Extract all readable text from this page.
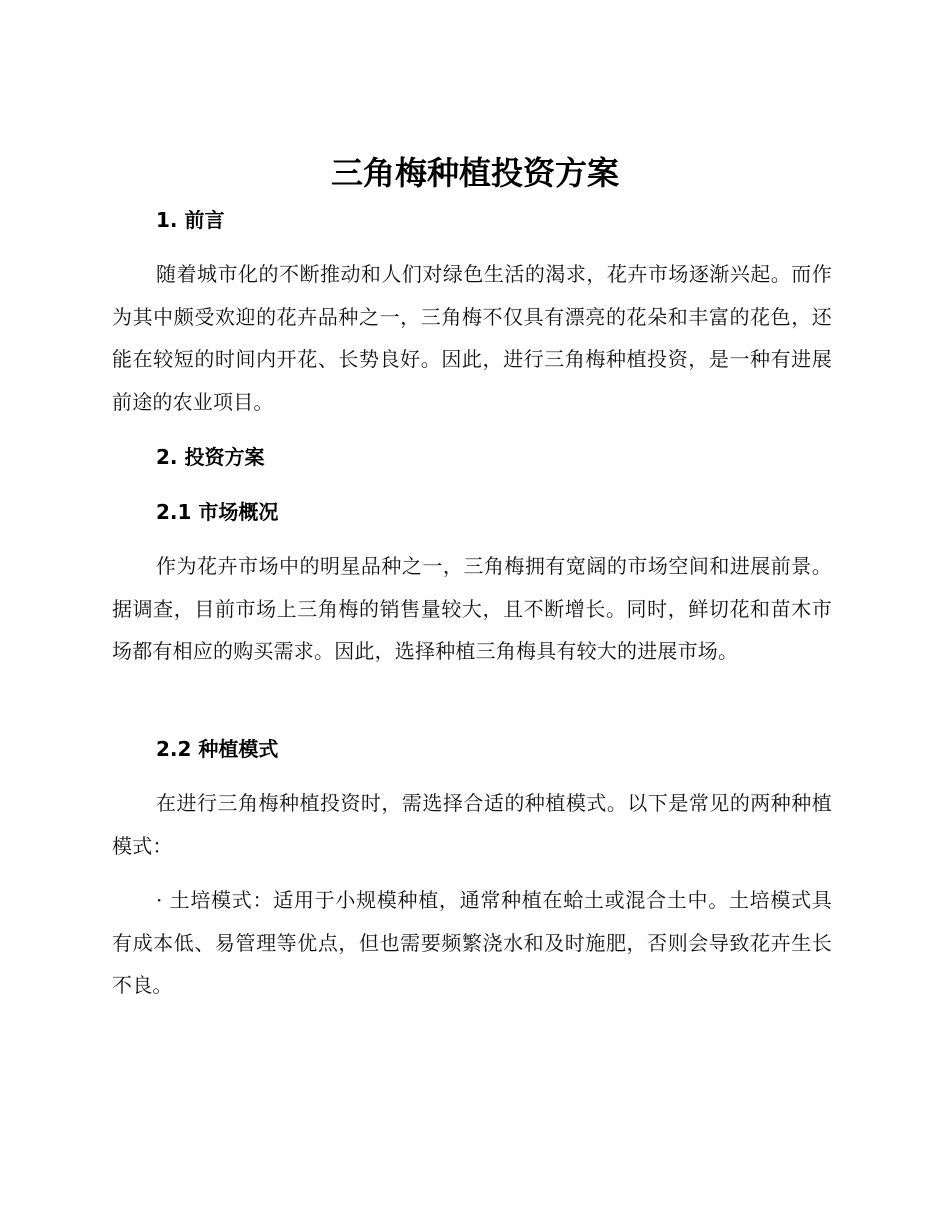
三角梅种植投资方案
1. 前言

随着城市化的不断推动和人们对绿色生活的渴求，花卉市场逐渐兴起。而作为其中颇受欢迎的花卉品种之一，三角梅不仅具有漂亮的花朵和丰富的花色，还能在较短的时间内开花、长势良好。因此，进行三角梅种植投资，是一种有进展前途的农业项目。

2. 投资方案
2.1 市场概况

作为花卉市场中的明星品种之一，三角梅拥有宽阔的市场空间和进展前景。据调查，目前市场上三角梅的销售量较大，且不断增长。同时，鲜切花和苗木市场都有相应的购买需求。因此，选择种植三角梅具有较大的进展市场。

2.2 种植模式

在进行三角梅种植投资时，需选择合适的种植模式。以下是常见的两种种植模式：

· 土培模式：适用于小规模种植，通常种植在蛤土或混合土中。土培模式具有成本低、易管理等优点，但也需要频繁浇水和及时施肥，否则会导致花卉生长不良。
